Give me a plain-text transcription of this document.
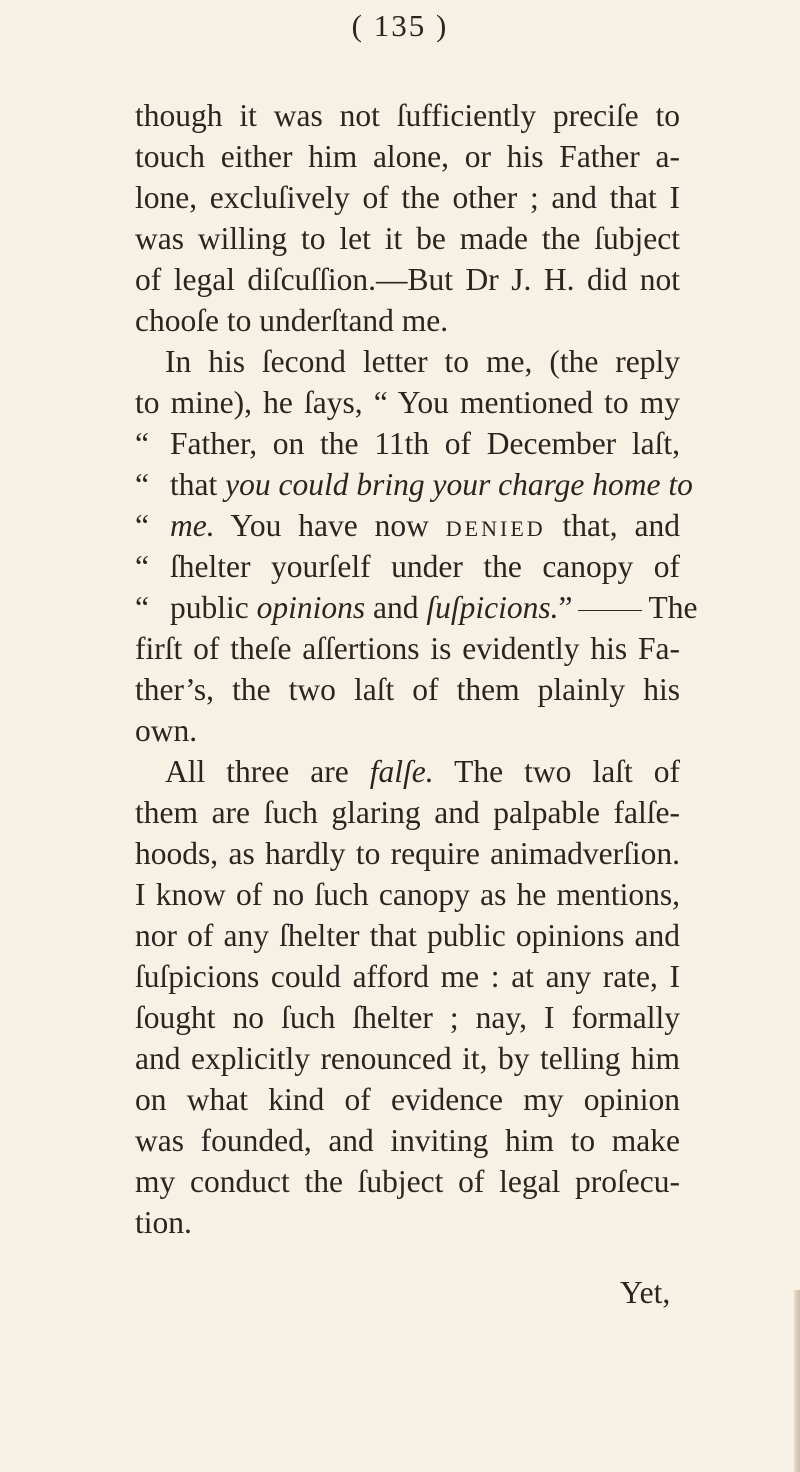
( 135 )
though it was not ſufficiently preciſe to
touch either him alone, or his Father a-
lone, excluſively of the other ; and that I
was willing to let it be made the ſubject
of legal diſcuſſion.—But Dr J. H. did not
chooſe to underſtand me.
In his ſecond letter to me, (the reply
to mine), he ſays, “ You mentioned to my
“ Father, on the 11th of December laſt,
“ that you could bring your charge home to
“ me. You have now denied that, and
“ ſhelter yourſelf under the canopy of
“ public opinions and ſuſpicions.” The
firſt of theſe aſſertions is evidently his Fa-
ther’s, the two laſt of them plainly his
own.
All three are falſe. The two laſt of
them are ſuch glaring and palpable falſe-
hoods, as hardly to require animadverſion.
I know of no ſuch canopy as he mentions,
nor of any ſhelter that public opinions and
ſuſpicions could afford me : at any rate, I
ſought no ſuch ſhelter ; nay, I formally
and explicitly renounced it, by telling him
on what kind of evidence my opinion
was founded, and inviting him to make
my conduct the ſubject of legal proſecu-
tion.
Yet,
